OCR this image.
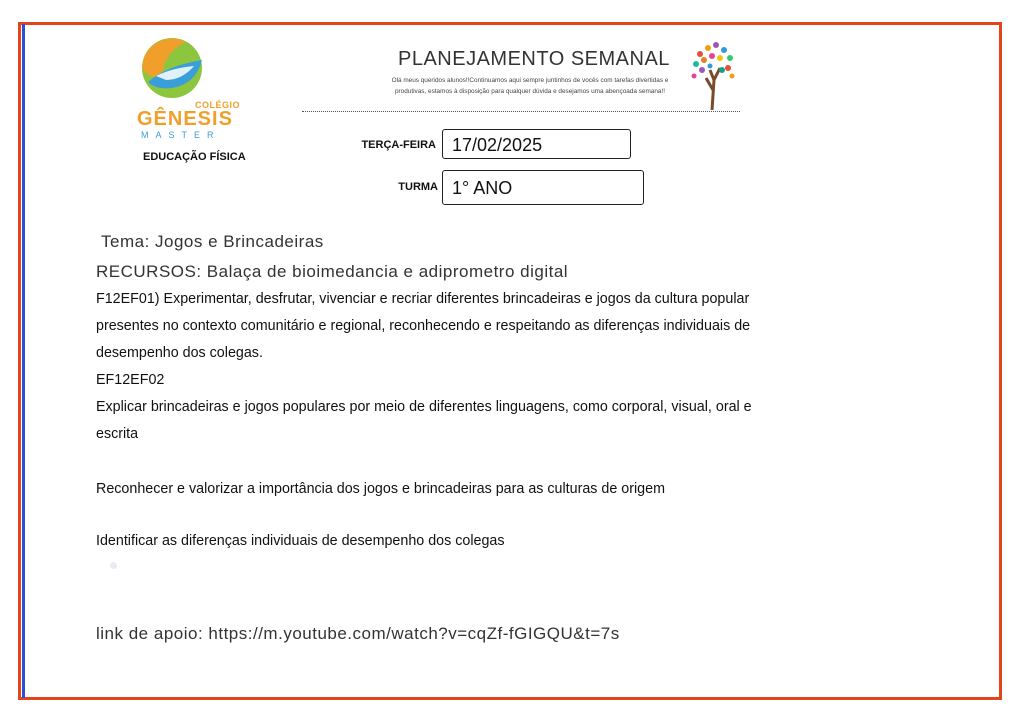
COLÉGIO
GÊNESIS
MASTER
EDUCAÇÃO FÍSICA
PLANEJAMENTO SEMANAL
Olá meus queridos alunos!!Continuamos aqui sempre juntinhos de vocês com tarefas divertidas e produtivas, estamos à disposição para qualquer dúvida e desejamos uma abençoada semana!!
TERÇA-FEIRA 17/02/2025
TURMA 1° ANO
Tema: Jogos e Brincadeiras
RECURSOS: Balaça de bioimedancia e adiprometro digital
F12EF01) Experimentar, desfrutar, vivenciar e recriar diferentes brincadeiras e jogos da cultura popular
presentes no contexto comunitário e regional, reconhecendo e respeitando as diferenças individuais de
desempenho dos colegas.
EF12EF02
Explicar brincadeiras e jogos populares por meio de diferentes linguagens, como corporal, visual, oral e
escrita
Reconhecer e valorizar a importância dos jogos e brincadeiras para as culturas de origem
Identificar as diferenças individuais de desempenho dos colegas
link de apoio: https://m.youtube.com/watch?v=cqZf-fGIGQU&t=7s
